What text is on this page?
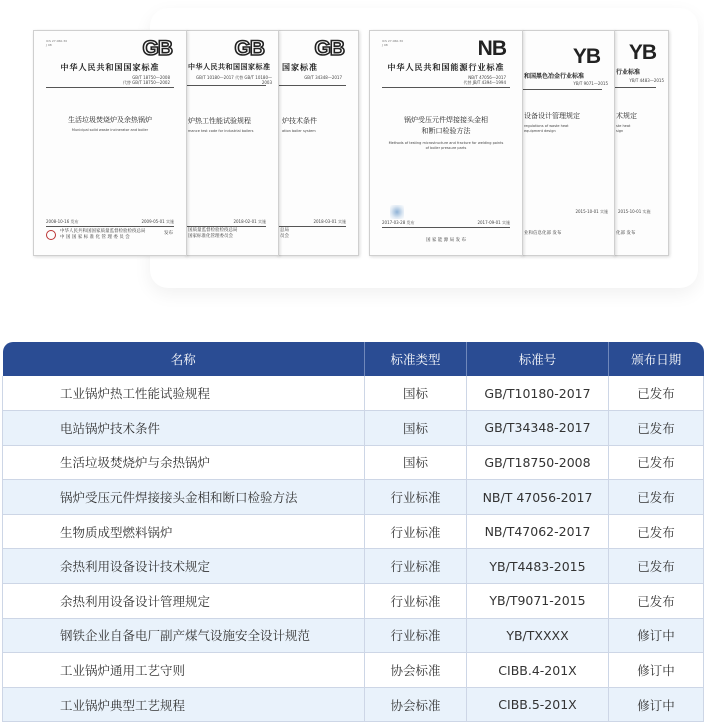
GB
国家标准
GB/T 34348—2017
炉技术条件
ation boiler system
2018-03-01 实施
总局
员会
GB
中华人民共和国国家标准
GB/T 10180—2017 代替 GB/T 10180—2003
炉热工性能试验规程
mance test code for industrial boilers
2018-02-01 实施
国质量监督检验检疫总局
国家标准化管理委员会
ICS 27.060.30
J 98	GB
中华人民共和国国家标准
GB/T 18750—2008
代替 GB/T 18750—2002
生活垃圾焚烧炉及余热锅炉
Municipal solid waste incinerator and boiler
2008-10-16 发布	2009-05-01 实施
中华人民共和国国家质量监督检验检疫总局
中 国 国 家 标 准 化 管 理 委 员 会
发布
YB
行业标准
YB/T 4483—2015
术规定
ste heat
sign
2015-10-01 实施
化部 发布
YB
和国黑色冶金行业标准
YB/T 9071—2015
设备设计管理规定
regulations of waste heat
equipment design
2015-10-01 实施
业和信息化部 发布
ICS 27.060.30
J 98	NB
中华人民共和国能源行业标准
NB/T 47056—2017
代替 JB/T 4394—1994
锅炉受压元件焊接接头金相
和断口检验方法
Methods of testing microstructure and fracture for welding points
of boiler pressure parts
2017-03-28 发布	2017-09-01 实施
国 家 能 源 局 发 布
名称	标准类型	标准号	颁布日期
工业锅炉热工性能试验规程	国标	GB/T10180-2017	已发布
电站锅炉技术条件	国标	GB/T34348-2017	已发布
生活垃圾焚烧炉与余热锅炉	国标	GB/T18750-2008	已发布
锅炉受压元件焊接接头金相和断口检验方法	行业标准	NB/T 47056-2017	已发布
生物质成型燃料锅炉	行业标准	NB/T47062-2017	已发布
余热利用设备设计技术规定	行业标准	YB/T4483-2015	已发布
余热利用设备设计管理规定	行业标准	YB/T9071-2015	已发布
钢铁企业自备电厂副产煤气设施安全设计规范	行业标准	YB/TXXXX	修订中
工业锅炉通用工艺守则	协会标准	CIBB.4-201X	修订中
工业锅炉典型工艺规程	协会标准	CIBB.5-201X	修订中
